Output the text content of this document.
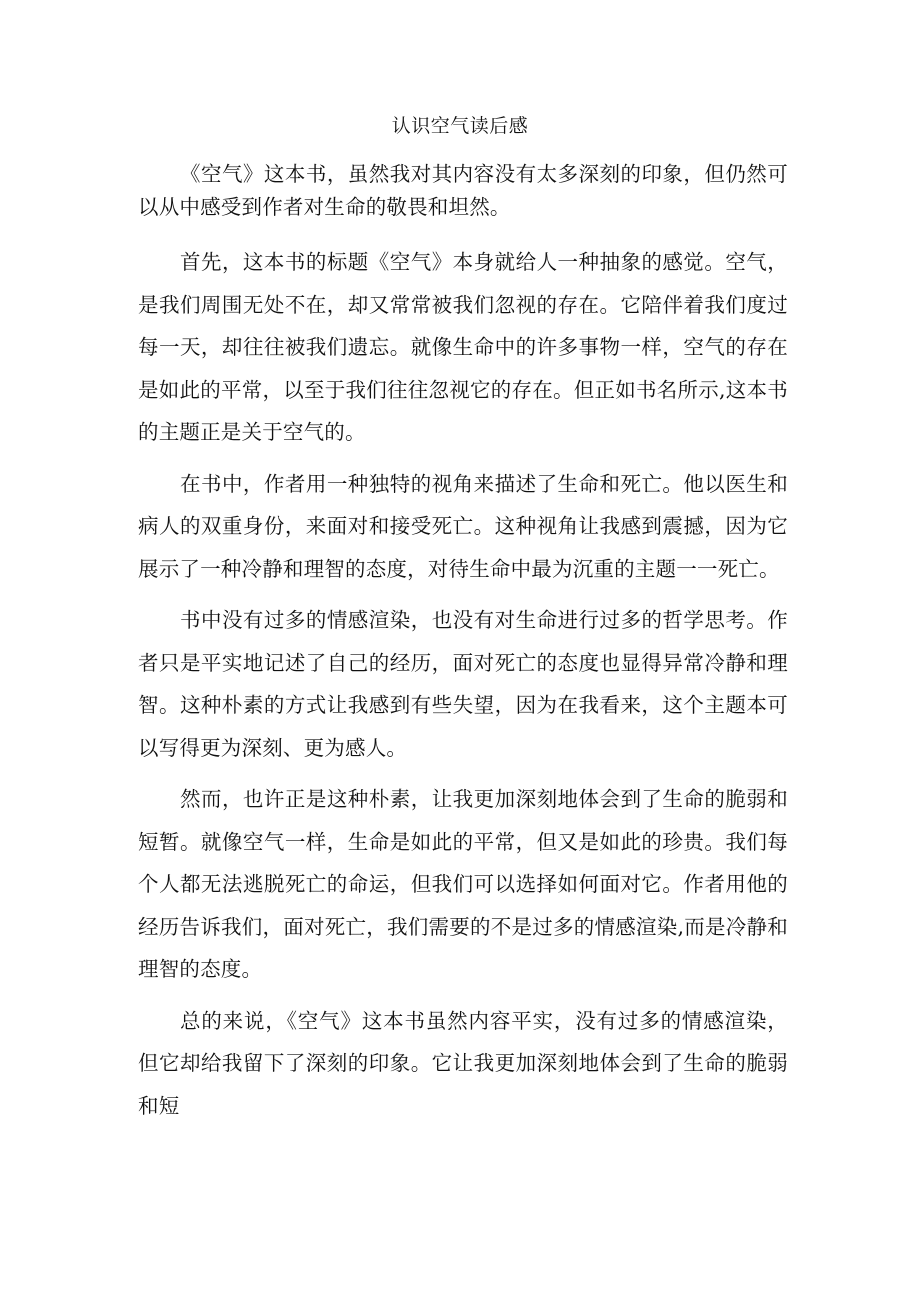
认识空气读后感

《空气》这本书，虽然我对其内容没有太多深刻的印象，但仍然可以从中感受到作者对生命的敬畏和坦然。

首先，这本书的标题《空气》本身就给人一种抽象的感觉。空气，是我们周围无处不在，却又常常被我们忽视的存在。它陪伴着我们度过每一天，却往往被我们遗忘。就像生命中的许多事物一样，空气的存在是如此的平常，以至于我们往往忽视它的存在。但正如书名所示,这本书的主题正是关于空气的。

在书中，作者用一种独特的视角来描述了生命和死亡。他以医生和病人的双重身份，来面对和接受死亡。这种视角让我感到震撼，因为它展示了一种冷静和理智的态度，对待生命中最为沉重的主题一一死亡。

书中没有过多的情感渲染，也没有对生命进行过多的哲学思考。作者只是平实地记述了自己的经历，面对死亡的态度也显得异常冷静和理智。这种朴素的方式让我感到有些失望，因为在我看来，这个主题本可以写得更为深刻、更为感人。

然而，也许正是这种朴素，让我更加深刻地体会到了生命的脆弱和短暂。就像空气一样，生命是如此的平常，但又是如此的珍贵。我们每个人都无法逃脱死亡的命运，但我们可以选择如何面对它。作者用他的经历告诉我们，面对死亡，我们需要的不是过多的情感渲染,而是冷静和理智的态度。

总的来说，《空气》这本书虽然内容平实，没有过多的情感渲染，但它却给我留下了深刻的印象。它让我更加深刻地体会到了生命的脆弱和短
